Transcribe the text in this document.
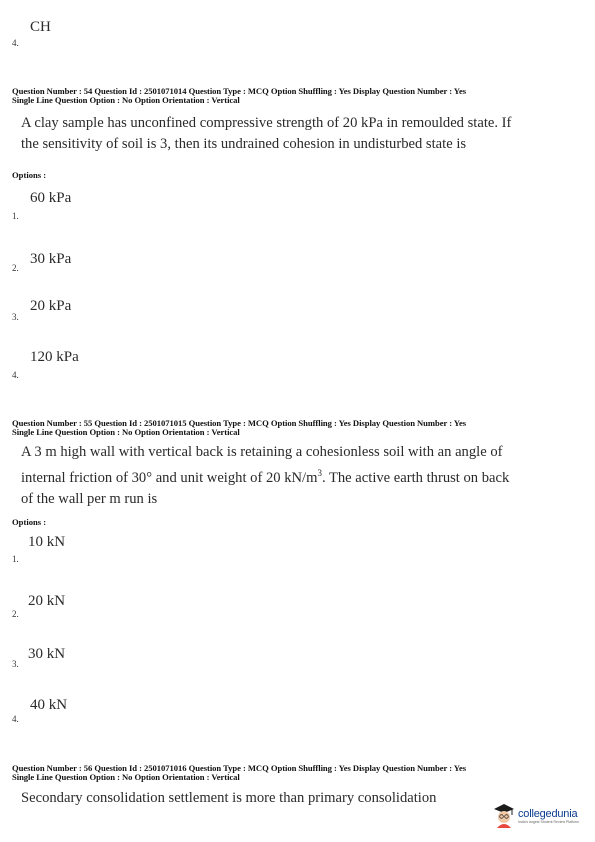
CH
4.
Question Number : 54 Question Id : 2501071014 Question Type : MCQ Option Shuffling : Yes Display Question Number : Yes
Single Line Question Option : No Option Orientation : Vertical
A clay sample has unconfined compressive strength of 20 kPa in remoulded state. If
the sensitivity of soil is 3, then its undrained cohesion in undisturbed state is
Options :
60 kPa
1.
2.
30 kPa
3.
20 kPa
120 kPa
4.
Question Number : 55 Question Id : 2501071015 Question Type : MCQ Option Shuffling : Yes Display Question Number : Yes
Single Line Question Option : No Option Orientation : Vertical
A 3 m high wall with vertical back is retaining a cohesionless soil with an angle of
internal friction of 30° and unit weight of 20 $kN/m^3$. The active earth thrust on back
of the wall per m run is
Options :
10 kN
1.
20 kN
2.
3.
30 kN
40 kN
4.
Question Number : 56 Question Id : 2501071016 Question Type : MCQ Option Shuffling : Yes Display Question Number : Yes
Single Line Question Option : No Option Orientation : Vertical
Secondary consolidation settlement is more than primary consolidation
collegedunia
India's largest Student Review Platform
